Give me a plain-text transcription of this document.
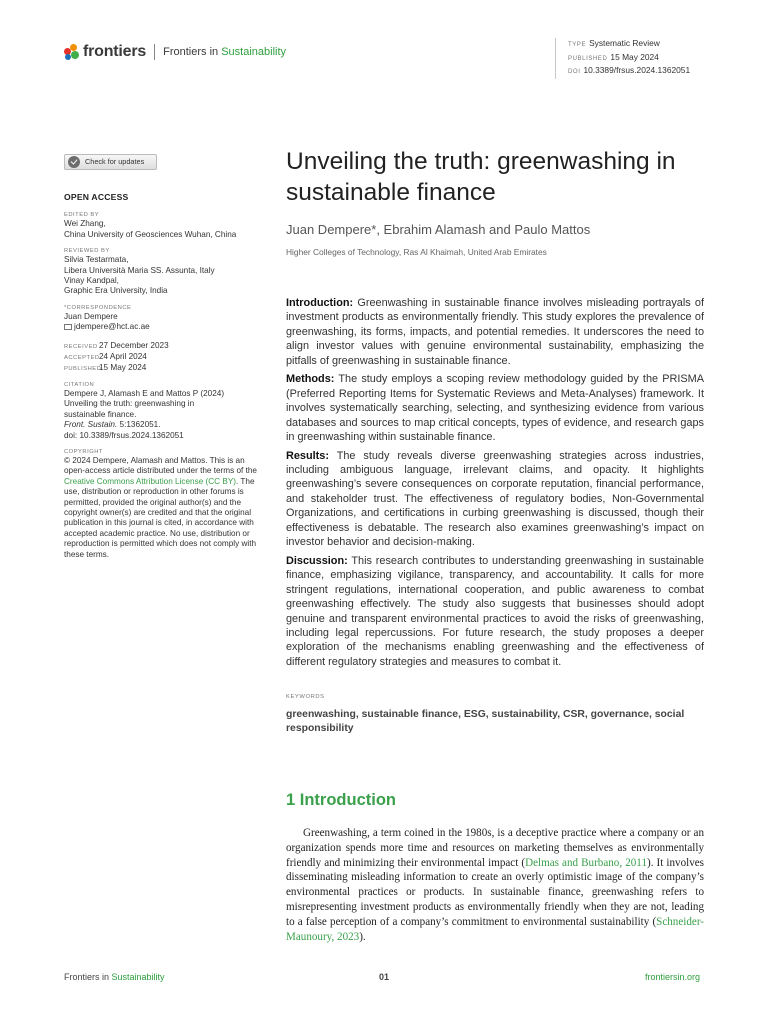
frontiers Frontiers in Sustainability
TYPE Systematic Review
PUBLISHED 15 May 2024
DOI 10.3389/frsus.2024.1362051
Check for updates
OPEN ACCESS
EDITED BY
Wei Zhang,
China University of Geosciences Wuhan, China
REVIEWED BY
Silvia Testarmata,
Libera Università Maria SS. Assunta, Italy
Vinay Kandpal,
Graphic Era University, India
*CORRESPONDENCE
Juan Dempere
jdempere@hct.ac.ae
RECEIVED27 December 2023
ACCEPTED24 April 2024
PUBLISHED15 May 2024
CITATION
Dempere J, Alamash E and Mattos P (2024)
Unveiling the truth: greenwashing in
sustainable finance.
Front. Sustain. 5:1362051.
doi: 10.3389/frsus.2024.1362051
COPYRIGHT
© 2024 Dempere, Alamash and Mattos. This is an open-access article distributed under the terms of the Creative Commons Attribution License (CC BY). The use, distribution or reproduction in other forums is permitted, provided the original author(s) and the copyright owner(s) are credited and that the original publication in this journal is cited, in accordance with accepted academic practice. No use, distribution or reproduction is permitted which does not comply with these terms.
Unveiling the truth: greenwashing in sustainable finance
Juan Dempere*, Ebrahim Alamash and Paulo Mattos
Higher Colleges of Technology, Ras Al Khaimah, United Arab Emirates

Introduction: Greenwashing in sustainable finance involves misleading portrayals of investment products as environmentally friendly. This study explores the prevalence of greenwashing, its forms, impacts, and potential remedies. It underscores the need to align investor values with genuine environmental sustainability, emphasizing the pitfalls of greenwashing in sustainable finance.

Methods: The study employs a scoping review methodology guided by the PRISMA (Preferred Reporting Items for Systematic Reviews and Meta-Analyses) framework. It involves systematically searching, selecting, and synthesizing evidence from various databases and sources to map critical concepts, types of evidence, and research gaps in greenwashing within sustainable finance.

Results: The study reveals diverse greenwashing strategies across industries, including ambiguous language, irrelevant claims, and opacity. It highlights greenwashing’s severe consequences on corporate reputation, financial performance, and stakeholder trust. The effectiveness of regulatory bodies, Non-Governmental Organizations, and certifications in curbing greenwashing is discussed, though their effectiveness is debatable. The research also examines greenwashing’s impact on investor behavior and decision-making.

Discussion: This research contributes to understanding greenwashing in sustainable finance, emphasizing vigilance, transparency, and accountability. It calls for more stringent regulations, international cooperation, and public awareness to combat greenwashing effectively. The study also suggests that businesses should adopt genuine and transparent environmental practices to avoid the risks of greenwashing, including legal repercussions. For future research, the study proposes a deeper exploration of the mechanisms enabling greenwashing and the effectiveness of different regulatory strategies and measures to combat it.

KEYWORDS
greenwashing, sustainable finance, ESG, sustainability, CSR, governance, social responsibility
1 Introduction

Greenwashing, a term coined in the 1980s, is a deceptive practice where a company or an organization spends more time and resources on marketing themselves as environmentally friendly and minimizing their environmental impact (Delmas and Burbano, 2011). It involves disseminating misleading information to create an overly optimistic image of the company’s environmental practices or products. In sustainable finance, greenwashing refers to misrepresenting investment products as environmentally friendly when they are not, leading to a false perception of a company’s commitment to environmental sustainability (Schneider-Maunoury, 2023).

Frontiers in Sustainability	01	frontiersin.org
